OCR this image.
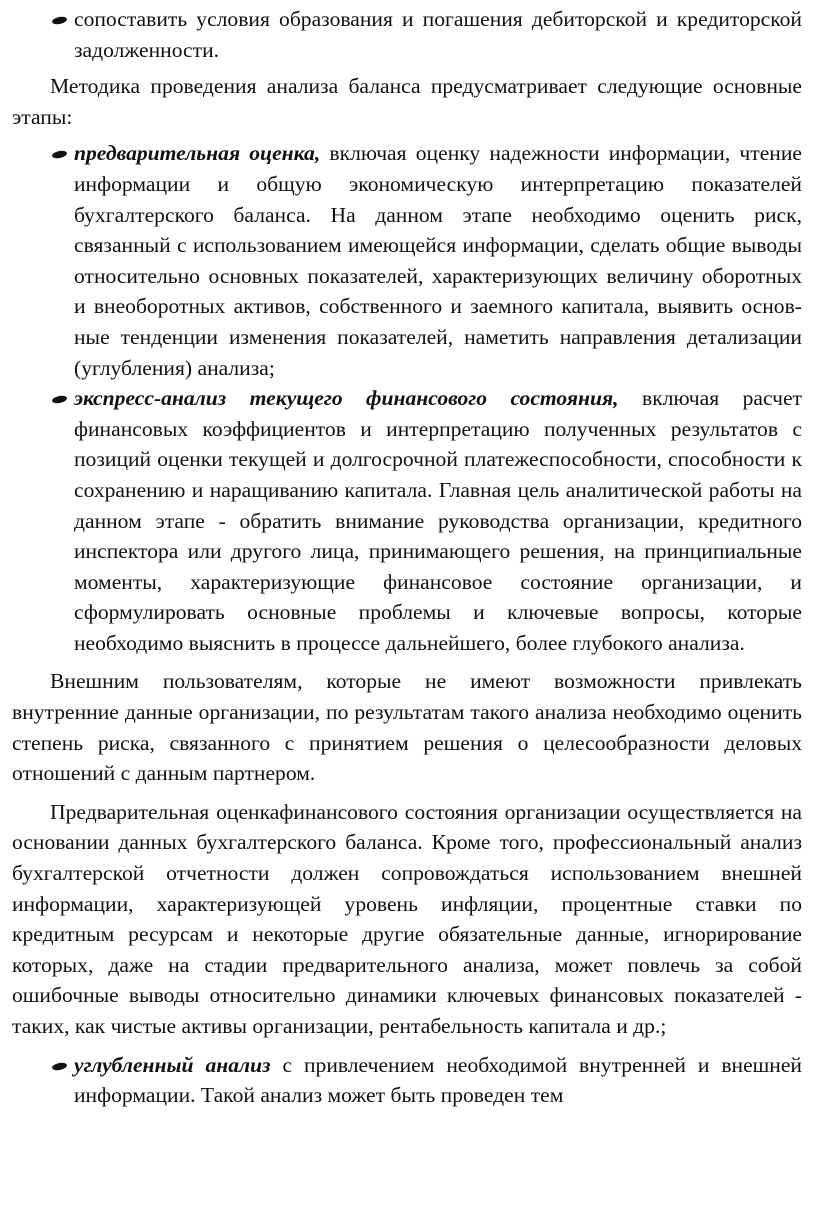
сопоставить условия образования и погашения дебиторской и кредиторской задолженности.

Методика проведения анализа баланса предусматривает следующие основные этапы:

предварительная оценка, включая оценку надежности информации, чтение информации и общую экономическую интерпретацию показателей бухгалтерского баланса. На данном этапе необходимо оценить риск, связанный с использованием имеющейся информации, сделать общие выводы относительно основных показателей, характеризующих величину оборотных и внеоборотных активов, собственного и заемного капитала, выявить основные тенденции изменения показателей, наметить направления детализации (углубления) анализа;

экспресс-анализ текущего финансового состояния, включая расчет финансовых коэффициентов и интерпретацию полученных результатов с позиций оценки текущей и долгосрочной платежеспособности, способности к сохранению и наращиванию капитала. Главная цель аналитической работы на данном этапе - обратить внимание руководства организации, кредитного инспектора или другого лица, принимающего решения, на принципиальные моменты, характеризующие финансовое состояние организации, и сформулировать основные проблемы и ключевые вопросы, которые необходимо выяснить в процессе дальнейшего, более глубокого анализа.

Внешним пользователям, которые не имеют возможности привлекать внутренние данные организации, по результатам такого анализа необходимо оценить степень риска, связанного с принятием решения о целесообразности деловых отношений с данным партнером.

Предварительная оценкафинансового состояния организации осуществляется на основании данных бухгалтерского баланса. Кроме того, профессиональный анализ бухгалтерской отчетности должен сопровождаться использованием внешней информации, характеризующей уровень инфляции, процентные ставки по кредитным ресурсам и некоторые другие обязательные данные, игнорирование которых, даже на стадии предварительного анализа, может повлечь за собой ошибочные выводы относительно динамики ключевых финансовых показателей - таких, как чистые активы организации, рентабельность капитала и др.;

углубленный анализ с привлечением необходимой внутренней и внешней информации. Такой анализ может быть проведен тем
